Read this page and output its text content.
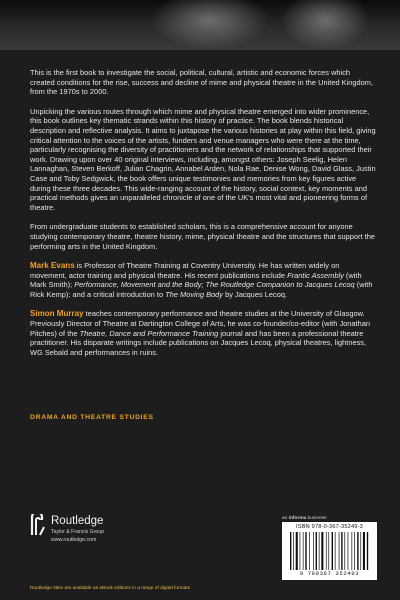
This is the first book to investigate the social, political, cultural, artistic and economic forces which created conditions for the rise, success and decline of mime and physical theatre in the United Kingdom, from the 1970s to 2000.

Unpicking the various routes through which mime and physical theatre emerged into wider prominence, this book outlines key thematic strands within this history of practice. The book blends historical description and reflective analysis. It aims to juxtapose the various histories at play within this field, giving critical attention to the voices of the artists, funders and venue managers who were there at the time, particularly recognising the diversity of practitioners and the network of relationships that supported their work. Drawing upon over 40 original interviews, including, amongst others: Joseph Seelig, Helen Lannaghan, Steven Berkoff, Julian Chagrin, Annabel Arden, Nola Rae, Denise Wong, David Glass, Justin Case and Toby Sedgwick, the book offers unique testimonies and memories from key figures active during these three decades. This wide-ranging account of the history, social context, key moments and practical methods gives an unparalleled chronicle of one of the UK's most vital and pioneering forms of theatre.

From undergraduate students to established scholars, this is a comprehensive account for anyone studying contemporary theatre, theatre history, mime, physical theatre and the structures that support the performing arts in the United Kingdom.

Mark Evans is Professor of Theatre Training at Coventry University. He has written widely on movement, actor training and physical theatre. His recent publications include Frantic Assembly (with Mark Smith); Performance, Movement and the Body; The Routledge Companion to Jacques Lecoq (with Rick Kemp); and a critical introduction to The Moving Body by Jacques Lecoq.

Simon Murray teaches contemporary performance and theatre studies at the University of Glasgow. Previously Director of Theatre at Dartington College of Arts, he was co-founder/co-editor (with Jonathan Pitches) of the Theatre, Dance and Performance Training journal and has been a professional theatre practitioner. His disparate writings include publications on Jacques Lecoq, physical theatres, lightness, WG Sebald and performances in ruins.

DRAMA AND THEATRE STUDIES
Routledge
Taylor & Francis Group
www.routledge.com
an informa business
ISBN 978-0-367-35249-3
9 780367 352493
Routledge titles are available as eBook editions in a range of digital formats
